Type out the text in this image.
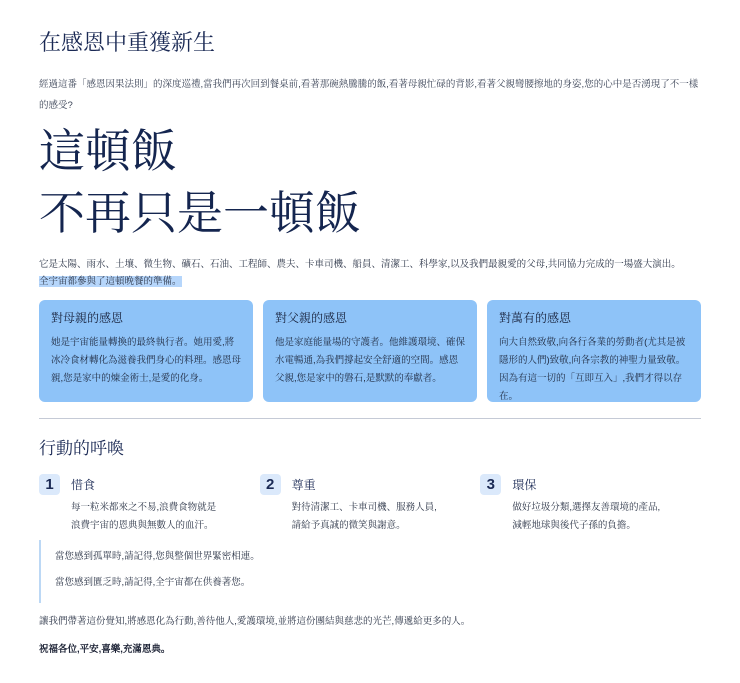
在感恩中重獲新生

經過這番「感恩因果法則」的深度巡禮,當我們再次回到餐桌前,看著那碗熱騰騰的飯,看著母親忙碌的背影,看著父親彎腰擦地的身姿,您的心中是否湧現了不一樣的感受?

這頓飯
不再只是一頓飯

它是太陽、雨水、土壤、微生物、礦石、石油、工程師、農夫、卡車司機、船員、清潔工、科學家,以及我們最親愛的父母,共同協力完成的一場盛大演出。
全宇宙都參與了這頓晚餐的準備。

對母親的感恩

她是宇宙能量轉換的最終執行者。她用愛,將冰冷食材轉化為滋養我們身心的料理。感恩母親,您是家中的煉金術士,是愛的化身。

對父親的感恩

他是家庭能量場的守護者。他維護環境、確保水電暢通,為我們撐起安全舒適的空間。感恩父親,您是家中的磐石,是默默的奉獻者。

對萬有的感恩

向大自然致敬,向各行各業的勞動者(尤其是被隱形的人們)致敬,向各宗教的神聖力量致敬。因為有這一切的「互即互入」,我們才得以存在。

行動的呼喚
1	惜食

每一粒米都來之不易,浪費食物就是浪費宇宙的恩典與無數人的血汗。

2	尊重

對待清潔工、卡車司機、服務人員,請給予真誠的微笑與謝意。

3	環保

做好垃圾分類,選擇友善環境的產品,減輕地球與後代子孫的負擔。

當您感到孤單時,請記得,您與整個世界緊密相連。

當您感到匱乏時,請記得,全宇宙都在供養著您。

讓我們帶著這份覺知,將感恩化為行動,善待他人,愛護環境,並將這份團結與慈悲的光芒,傳遞給更多的人。

祝福各位,平安,喜樂,充滿恩典。
